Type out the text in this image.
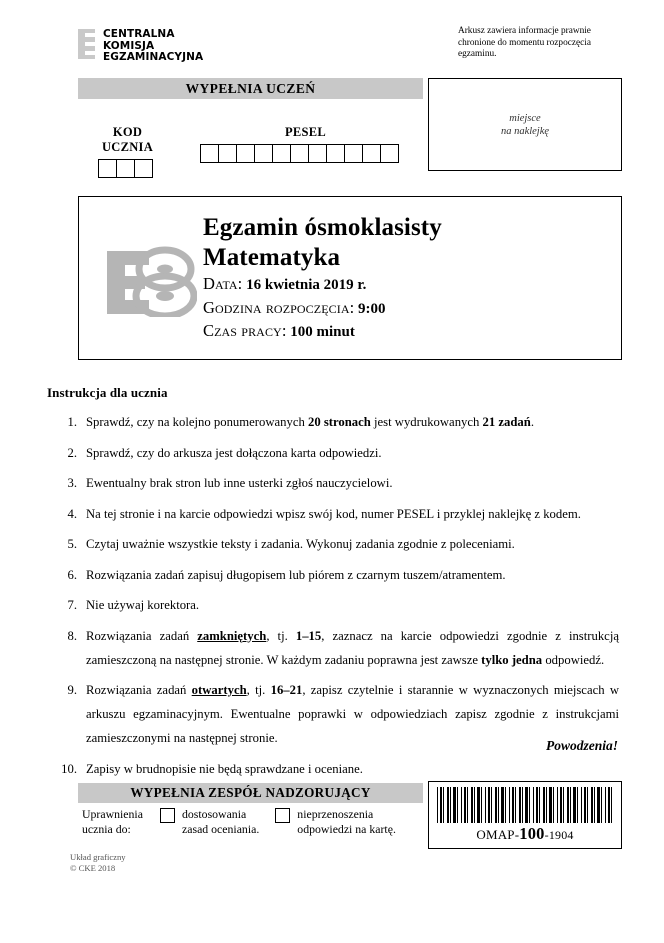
CENTRALNA
KOMISJA
EGZAMINACYJNA
Arkusz zawiera informacje prawnie chronione do momentu rozpoczęcia egzaminu.
WYPEŁNIA UCZEŃ
miejsce
na naklejkę
KOD UCZNIA
PESEL
Egzamin ósmoklasisty
Matematyka
Data: 16 kwietnia 2019 r.
Godzina rozpoczęcia: 9:00
Czas pracy: 100 minut
Instrukcja dla ucznia
1. Sprawdź, czy na kolejno ponumerowanych 20 stronach jest wydrukowanych 21 zadań.
2. Sprawdź, czy do arkusza jest dołączona karta odpowiedzi.
3. Ewentualny brak stron lub inne usterki zgłoś nauczycielowi.
4. Na tej stronie i na karcie odpowiedzi wpisz swój kod, numer PESEL i przyklej naklejkę z kodem.
5. Czytaj uważnie wszystkie teksty i zadania. Wykonuj zadania zgodnie z poleceniami.
6. Rozwiązania zadań zapisuj długopisem lub piórem z czarnym tuszem/atramentem.
7. Nie używaj korektora.
8. Rozwiązania zadań zamkniętych, tj. 1–15, zaznacz na karcie odpowiedzi zgodnie z instrukcją zamieszczoną na następnej stronie. W każdym zadaniu poprawna jest zawsze tylko jedna odpowiedź.
9. Rozwiązania zadań otwartych, tj. 16–21, zapisz czytelnie i starannie w wyznaczonych miejscach w arkuszu egzaminacyjnym. Ewentualne poprawki w odpowiedziach zapisz zgodnie z instrukcjami zamieszczonymi na następnej stronie.
10. Zapisy w brudnopisie nie będą sprawdzane i oceniane.
Powodzenia!
WYPEŁNIA ZESPÓŁ NADZORUJĄCY
Uprawnienia
ucznia do:
dostosowania
zasad oceniania.
nieprzenoszenia
odpowiedzi na kartę.	OMAP-100-1904
Układ graficzny
© CKE 2018
